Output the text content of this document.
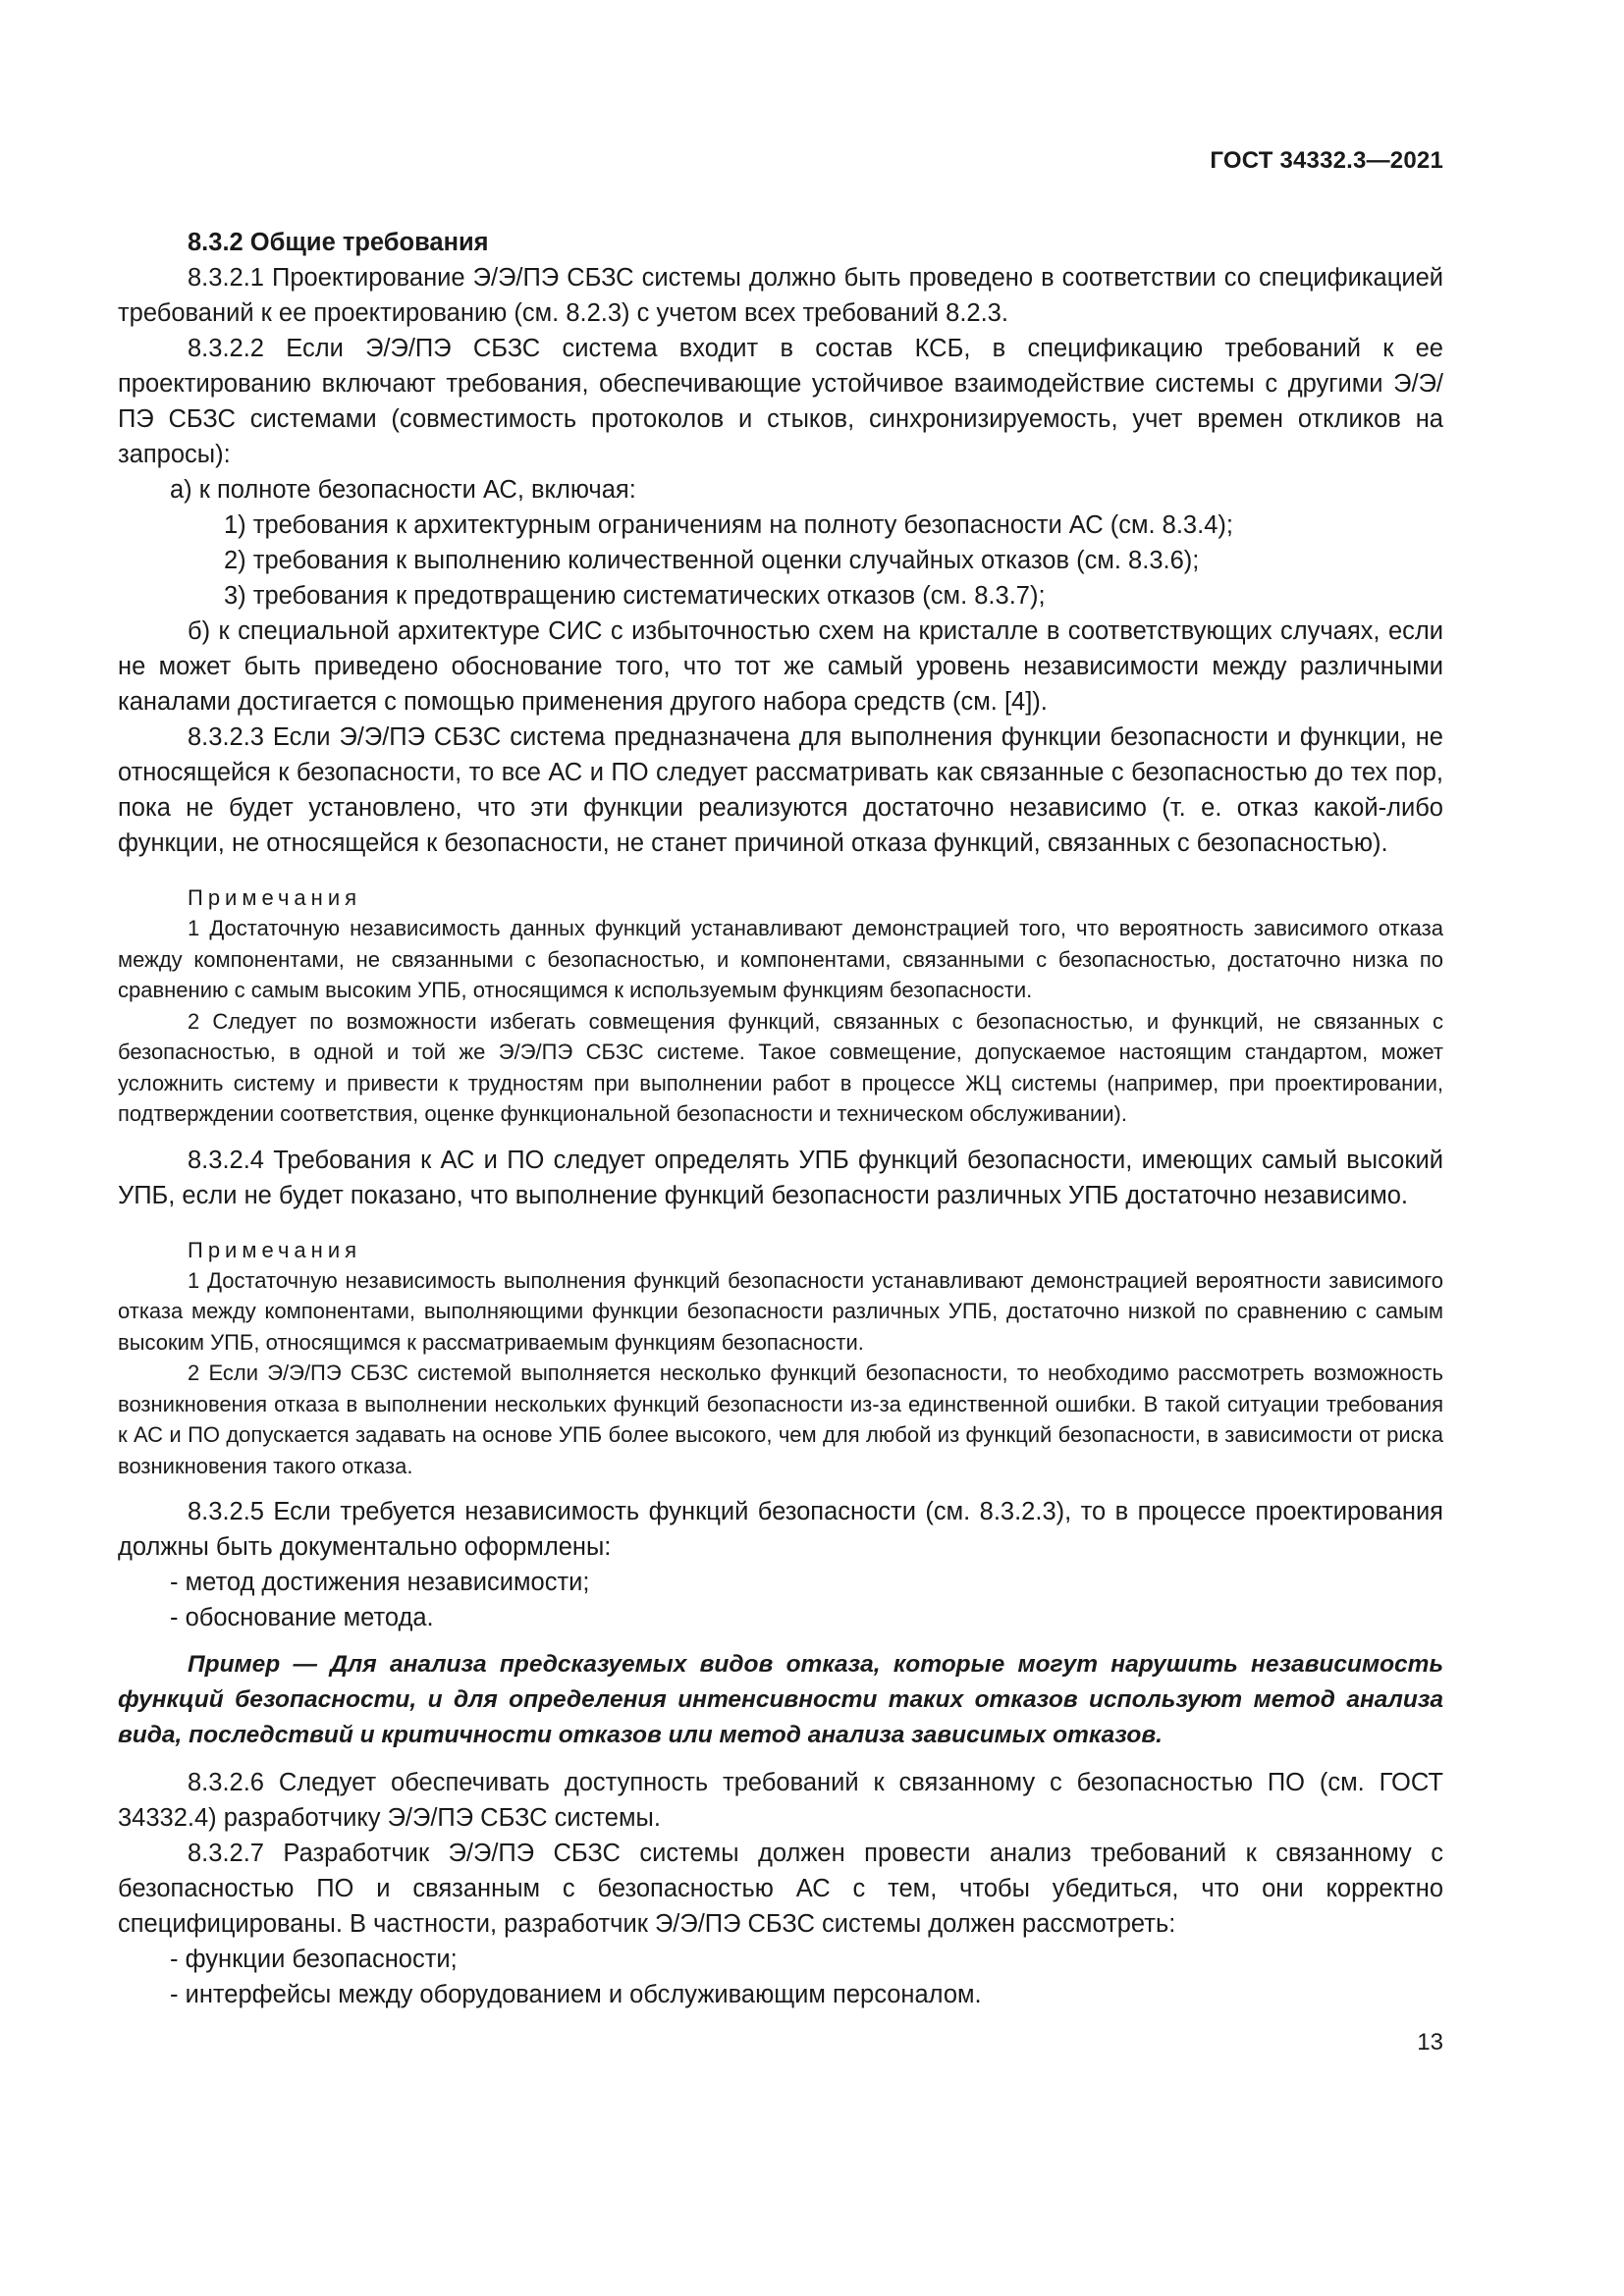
ГОСТ 34332.3—2021

8.3.2 Общие требования

8.3.2.1 Проектирование Э/Э/ПЭ СБЗС системы должно быть проведено в соответствии со спецификацией требований к ее проектированию (см. 8.2.3) с учетом всех требований 8.2.3.

8.3.2.2 Если Э/Э/ПЭ СБЗС система входит в состав КСБ, в спецификацию требований к ее проектированию включают требования, обеспечивающие устойчивое взаимодействие системы с другими Э/Э/ПЭ СБЗС системами (совместимость протоколов и стыков, синхронизируемость, учет времен откликов на запросы):

а) к полноте безопасности АС, включая:

1) требования к архитектурным ограничениям на полноту безопасности АС (см. 8.3.4);

2) требования к выполнению количественной оценки случайных отказов (см. 8.3.6);

3) требования к предотвращению систематических отказов (см. 8.3.7);

б) к специальной архитектуре СИС с избыточностью схем на кристалле в соответствующих случаях, если не может быть приведено обоснование того, что тот же самый уровень независимости между различными каналами достигается с помощью применения другого набора средств (см. [4]).

8.3.2.3 Если Э/Э/ПЭ СБЗС система предназначена для выполнения функции безопасности и функции, не относящейся к безопасности, то все АС и ПО следует рассматривать как связанные с безопасностью до тех пор, пока не будет установлено, что эти функции реализуются достаточно независимо (т. е. отказ какой-либо функции, не относящейся к безопасности, не станет причиной отказа функций, связанных с безопасностью).

Примечания

1 Достаточную независимость данных функций устанавливают демонстрацией того, что вероятность зависимого отказа между компонентами, не связанными с безопасностью, и компонентами, связанными с безопасностью, достаточно низка по сравнению с самым высоким УПБ, относящимся к используемым функциям безопасности.

2 Следует по возможности избегать совмещения функций, связанных с безопасностью, и функций, не связанных с безопасностью, в одной и той же Э/Э/ПЭ СБЗС системе. Такое совмещение, допускаемое настоящим стандартом, может усложнить систему и привести к трудностям при выполнении работ в процессе ЖЦ системы (например, при проектировании, подтверждении соответствия, оценке функциональной безопасности и техническом обслуживании).

8.3.2.4 Требования к АС и ПО следует определять УПБ функций безопасности, имеющих самый высокий УПБ, если не будет показано, что выполнение функций безопасности различных УПБ достаточно независимо.

Примечания

1 Достаточную независимость выполнения функций безопасности устанавливают демонстрацией вероятности зависимого отказа между компонентами, выполняющими функции безопасности различных УПБ, достаточно низкой по сравнению с самым высоким УПБ, относящимся к рассматриваемым функциям безопасности.

2 Если Э/Э/ПЭ СБЗС системой выполняется несколько функций безопасности, то необходимо рассмотреть возможность возникновения отказа в выполнении нескольких функций безопасности из-за единственной ошибки. В такой ситуации требования к АС и ПО допускается задавать на основе УПБ более высокого, чем для любой из функций безопасности, в зависимости от риска возникновения такого отказа.

8.3.2.5 Если требуется независимость функций безопасности (см. 8.3.2.3), то в процессе проектирования должны быть документально оформлены:

- метод достижения независимости;

- обоснование метода.

Пример — Для анализа предсказуемых видов отказа, которые могут нарушить независимость функций безопасности, и для определения интенсивности таких отказов используют метод анализа вида, последствий и критичности отказов или метод анализа зависимых отказов.

8.3.2.6 Следует обеспечивать доступность требований к связанному с безопасностью ПО (см. ГОСТ 34332.4) разработчику Э/Э/ПЭ СБЗС системы.

8.3.2.7 Разработчик Э/Э/ПЭ СБЗС системы должен провести анализ требований к связанному с безопасностью ПО и связанным с безопасностью АС с тем, чтобы убедиться, что они корректно специфицированы. В частности, разработчик Э/Э/ПЭ СБЗС системы должен рассмотреть:

- функции безопасности;

- интерфейсы между оборудованием и обслуживающим персоналом.

13
